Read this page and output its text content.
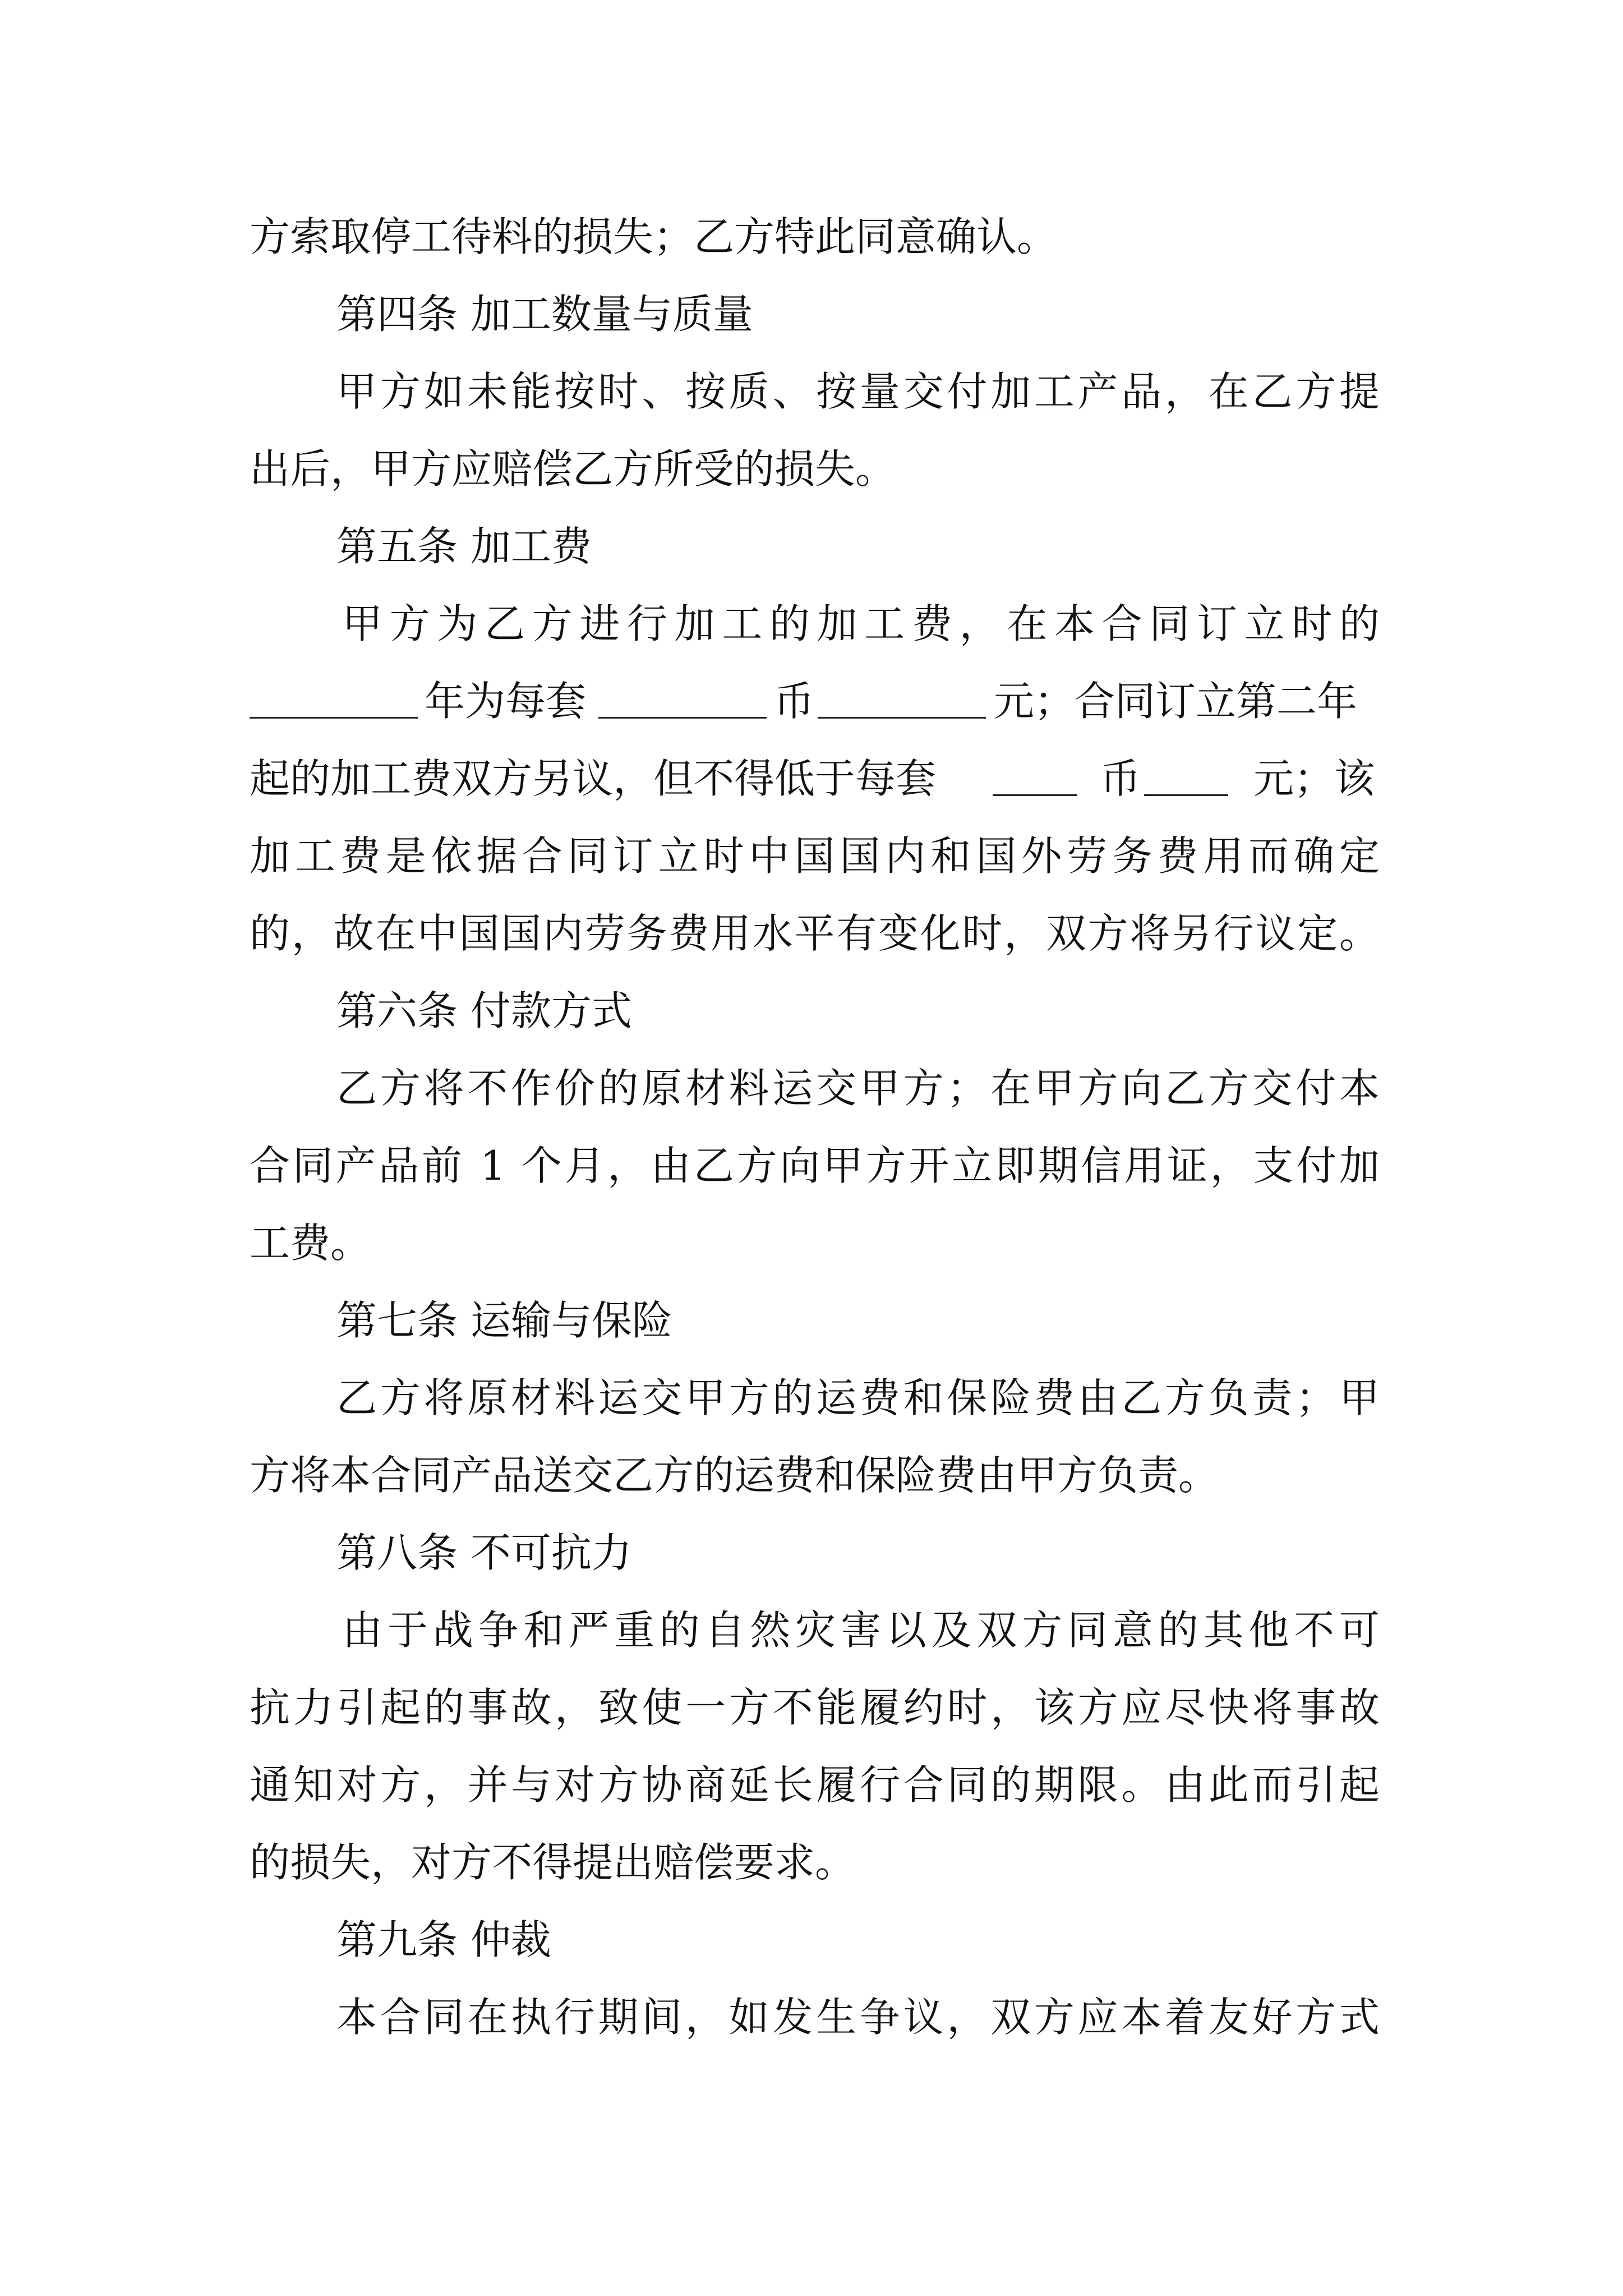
方索取停工待料的损失；乙方特此同意确认。
第四条 加工数量与质量
甲方如未能按时、按质、按量交付加工产品，在乙方提
出后，甲方应赔偿乙方所受的损失。
第五条 加工费
甲方为乙方进行加工的加工费，在本合同订立时的
年为每套	币	元；合同订立第二年
起的加工费双方另议，但不得低于每套	币	元；该
加工费是依据合同订立时中国国内和国外劳务费用而确定
的，故在中国国内劳务费用水平有变化时，双方将另行议定。
第六条 付款方式
乙方将不作价的原材料运交甲方；在甲方向乙方交付本
合同产品前 1 个月，由乙方向甲方开立即期信用证，支付加
工费。
第七条 运输与保险
乙方将原材料运交甲方的运费和保险费由乙方负责；甲
方将本合同产品送交乙方的运费和保险费由甲方负责。
第八条 不可抗力
由于战争和严重的自然灾害以及双方同意的其他不可
抗力引起的事故，致使一方不能履约时，该方应尽快将事故
通知对方，并与对方协商延长履行合同的期限。由此而引起
的损失，对方不得提出赔偿要求。
第九条 仲裁
本合同在执行期间，如发生争议，双方应本着友好方式
